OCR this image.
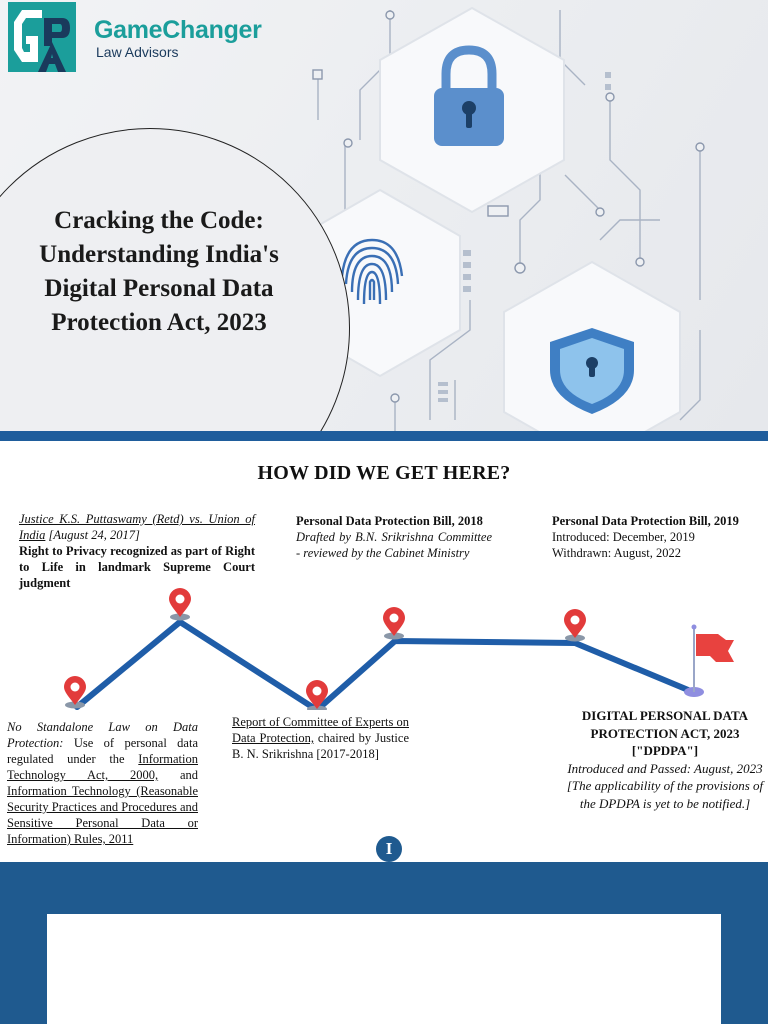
GameChanger
Law Advisors
Cracking the Code:
Understanding India's
Digital Personal Data
Protection Act, 2023
HOW DID WE GET HERE?
Justice K.S. Puttaswamy (Retd) vs. Union of India [August 24, 2017]
Right to Privacy recognized as part of Right to Life in landmark Supreme Court judgment
Personal Data Protection Bill, 2018
Drafted by B.N. Srikrishna Committee - reviewed by the Cabinet Ministry
Personal Data Protection Bill, 2019
Introduced: December, 2019
Withdrawn: August, 2022
No Standalone Law on Data Protection: Use of personal data regulated under the Information Technology Act, 2000, and Information Technology (Reasonable Security Practices and Procedures and Sensitive Personal Data or Information) Rules, 2011
Report of Committee of Experts on Data Protection, chaired by Justice B. N. Srikrishna [2017-2018]
DIGITAL PERSONAL DATA PROTECTION ACT, 2023
["DPDPA"]
Introduced and Passed: August, 2023
[The applicability of the provisions of the DPDPA is yet to be notified.]
I
